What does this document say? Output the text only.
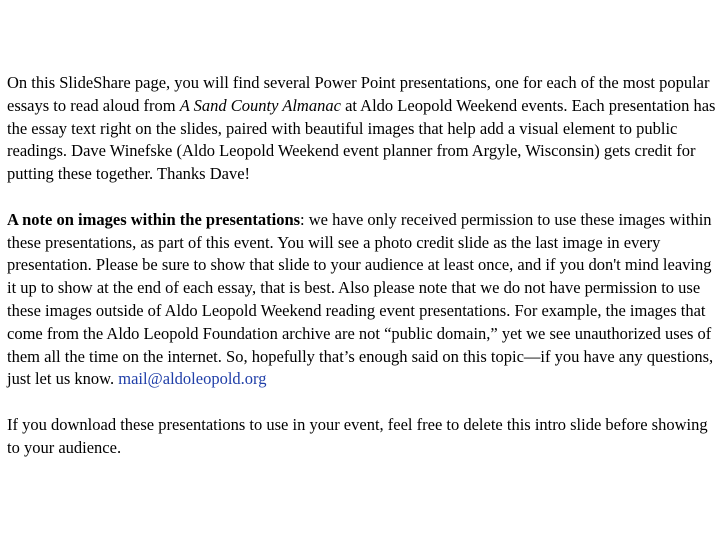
On this SlideShare page, you will find several Power Point presentations, one for each of the most popular essays to read aloud from A Sand County Almanac at Aldo Leopold Weekend events. Each presentation has the essay text right on the slides, paired with beautiful images that help add a visual element to public readings. Dave Winefske (Aldo Leopold Weekend event planner from Argyle, Wisconsin) gets credit for putting these together. Thanks Dave!

A note on images within the presentations: we have only received permission to use these images within these presentations, as part of this event. You will see a photo credit slide as the last image in every presentation. Please be sure to show that slide to your audience at least once, and if you don't mind leaving it up to show at the end of each essay, that is best. Also please note that we do not have permission to use these images outside of Aldo Leopold Weekend reading event presentations. For example, the images that come from the Aldo Leopold Foundation archive are not “public domain,” yet we see unauthorized uses of them all the time on the internet. So, hopefully that’s enough said on this topic—if you have any questions, just let us know. mail@aldoleopold.org

If you download these presentations to use in your event, feel free to delete this intro slide before showing to your audience.
